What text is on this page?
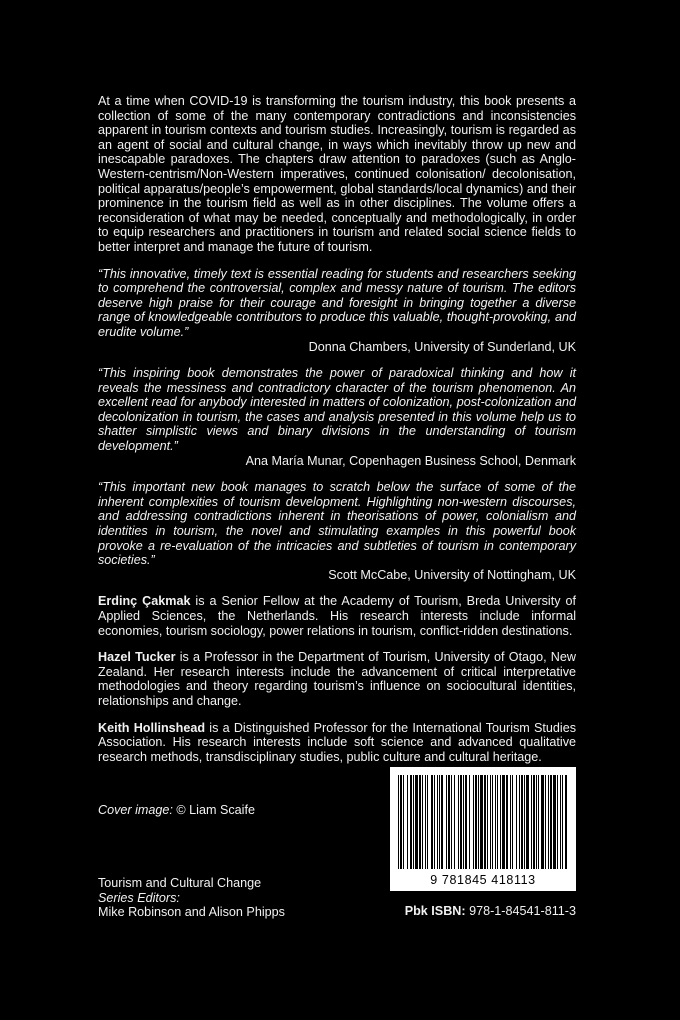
At a time when COVID-19 is transforming the tourism industry, this book presents a collection of some of the many contemporary contradictions and inconsistencies apparent in tourism contexts and tourism studies. Increasingly, tourism is regarded as an agent of social and cultural change, in ways which inevitably throw up new and inescapable paradoxes. The chapters draw attention to paradoxes (such as Anglo-Western-centrism/Non-Western imperatives, continued colonisation/ decolonisation, political apparatus/people’s empowerment, global standards/local dynamics) and their prominence in the tourism field as well as in other disciplines. The volume offers a reconsideration of what may be needed, conceptually and methodologically, in order to equip researchers and practitioners in tourism and related social science fields to better interpret and manage the future of tourism.

“This innovative, timely text is essential reading for students and researchers seeking to comprehend the controversial, complex and messy nature of tourism. The editors deserve high praise for their courage and foresight in bringing together a diverse range of knowledgeable contributors to produce this valuable, thought-provoking, and erudite volume.”

Donna Chambers, University of Sunderland, UK

“This inspiring book demonstrates the power of paradoxical thinking and how it reveals the messiness and contradictory character of the tourism phenomenon. An excellent read for anybody interested in matters of colonization, post-colonization and decolonization in tourism, the cases and analysis presented in this volume help us to shatter simplistic views and binary divisions in the understanding of tourism development.”

Ana María Munar, Copenhagen Business School, Denmark

“This important new book manages to scratch below the surface of some of the inherent complexities of tourism development. Highlighting non-western discourses, and addressing contradictions inherent in theorisations of power, colonialism and identities in tourism, the novel and stimulating examples in this powerful book provoke a re-evaluation of the intricacies and subtleties of tourism in contemporary societies.”

Scott McCabe, University of Nottingham, UK

Erdinç Çakmak is a Senior Fellow at the Academy of Tourism, Breda University of Applied Sciences, the Netherlands. His research interests include informal economies, tourism sociology, power relations in tourism, conflict-ridden destinations.

Hazel Tucker is a Professor in the Department of Tourism, University of Otago, New Zealand. Her research interests include the advancement of critical interpretative methodologies and theory regarding tourism’s influence on sociocultural identities, relationships and change.

Keith Hollinshead is a Distinguished Professor for the International Tourism Studies Association. His research interests include soft science and advanced qualitative research methods, transdisciplinary studies, public culture and cultural heritage.

Cover image: © Liam Scaife
9 781845 418113
Tourism and Cultural Change
Series Editors:
Mike Robinson and Alison Phipps	Pbk ISBN: 978-1-84541-811-3
